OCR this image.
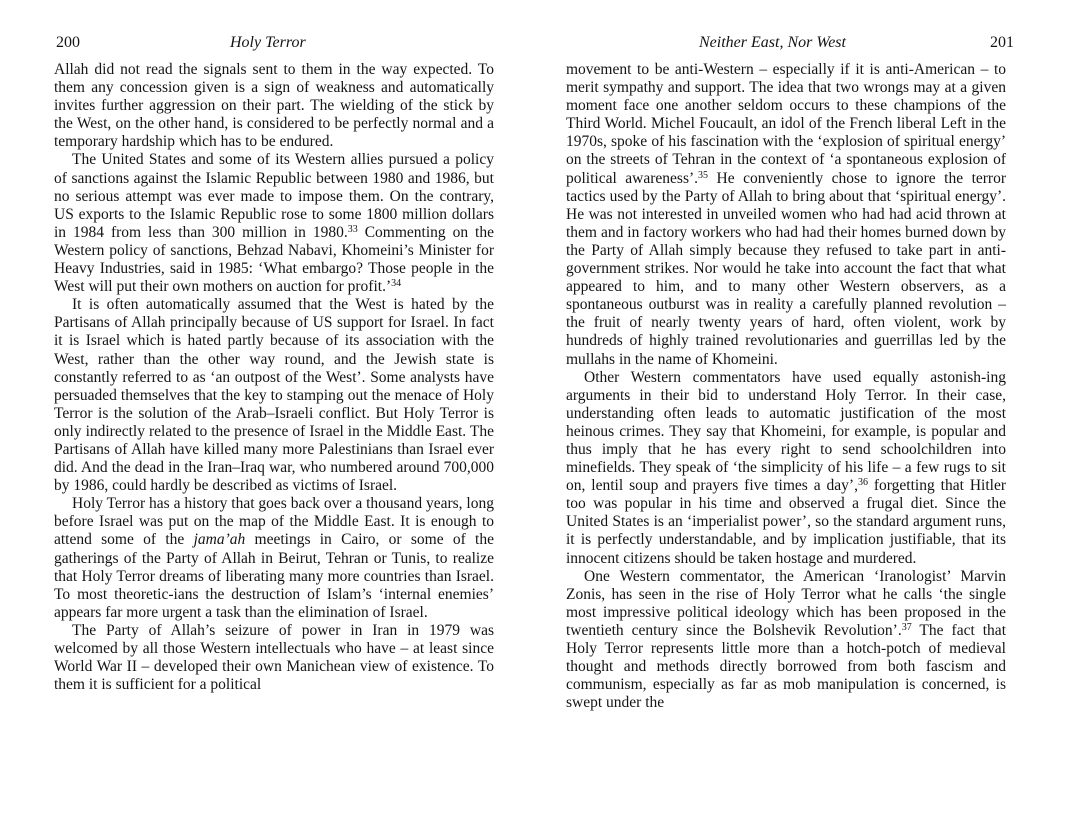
200	Holy Terror

Allah did not read the signals sent to them in the way expected. To them any concession given is a sign of weakness and automatically invites further aggression on their part. The wielding of the stick by the West, on the other hand, is considered to be perfectly normal and a temporary hardship which has to be endured.

The United States and some of its Western allies pursued a policy of sanctions against the Islamic Republic between 1980 and 1986, but no serious attempt was ever made to impose them. On the contrary, US exports to the Islamic Republic rose to some 1800 million dollars in 1984 from less than 300 million in 1980.33 Commenting on the Western policy of sanctions, Behzad Nabavi, Khomeini’s Minister for Heavy Industries, said in 1985: ‘What embargo? Those people in the West will put their own mothers on auction for profit.’$^{34}$

It is often automatically assumed that the West is hated by the Partisans of Allah principally because of US support for Israel. In fact it is Israel which is hated partly because of its association with the West, rather than the other way round, and the Jewish state is constantly referred to as ‘an outpost of the West’. Some analysts have persuaded themselves that the key to stamping out the menace of Holy Terror is the solution of the Arab–Israeli conflict. But Holy Terror is only indirectly related to the presence of Israel in the Middle East. The Partisans of Allah have killed many more Palestinians than Israel ever did. And the dead in the Iran–Iraq war, who numbered around 700,000 by 1986, could hardly be described as victims of Israel.

Holy Terror has a history that goes back over a thousand years, long before Israel was put on the map of the Middle East. It is enough to attend some of the jama’ah meetings in Cairo, or some of the gatherings of the Party of Allah in Beirut, Tehran or Tunis, to realize that Holy Terror dreams of liberating many more countries than Israel. To most theoretic-ians the destruction of Islam’s ‘internal enemies’ appears far more urgent a task than the elimination of Israel.

The Party of Allah’s seizure of power in Iran in 1979 was welcomed by all those Western intellectuals who have – at least since World War II – developed their own Manichean view of existence. To them it is sufficient for a political

Neither East, Nor West	201

movement to be anti-Western – especially if it is anti-American – to merit sympathy and support. The idea that two wrongs may at a given moment face one another seldom occurs to these champions of the Third World. Michel Foucault, an idol of the French liberal Left in the 1970s, spoke of his fascination with the ‘explosion of spiritual energy’ on the streets of Tehran in the context of ‘a spontaneous explosion of political awareness’.$^{35}$ He conveniently chose to ignore the terror tactics used by the Party of Allah to bring about that ‘spiritual energy’. He was not interested in unveiled women who had had acid thrown at them and in factory workers who had had their homes burned down by the Party of Allah simply because they refused to take part in anti-government strikes. Nor would he take into account the fact that what appeared to him, and to many other Western observers, as a spontaneous outburst was in reality a carefully planned revolution – the fruit of nearly twenty years of hard, often violent, work by hundreds of highly trained revolutionaries and guerrillas led by the mullahs in the name of Khomeini.

Other Western commentators have used equally astonish-ing arguments in their bid to understand Holy Terror. In their case, understanding often leads to automatic justification of the most heinous crimes. They say that Khomeini, for example, is popular and thus imply that he has every right to send schoolchildren into minefields. They speak of ‘the simplicity of his life – a few rugs to sit on, lentil soup and prayers five times a day’,$^{36}$ forgetting that Hitler too was popular in his time and observed a frugal diet. Since the United States is an ‘imperialist power’, so the standard argument runs, it is perfectly understandable, and by implication justifiable, that its innocent citizens should be taken hostage and murdered.

One Western commentator, the American ‘Iranologist’ Marvin Zonis, has seen in the rise of Holy Terror what he calls ‘the single most impressive political ideology which has been proposed in the twentieth century since the Bolshevik Revolution’.$^{37}$ The fact that Holy Terror represents little more than a hotch-potch of medieval thought and methods directly borrowed from both fascism and communism, especially as far as mob manipulation is concerned, is swept under the
